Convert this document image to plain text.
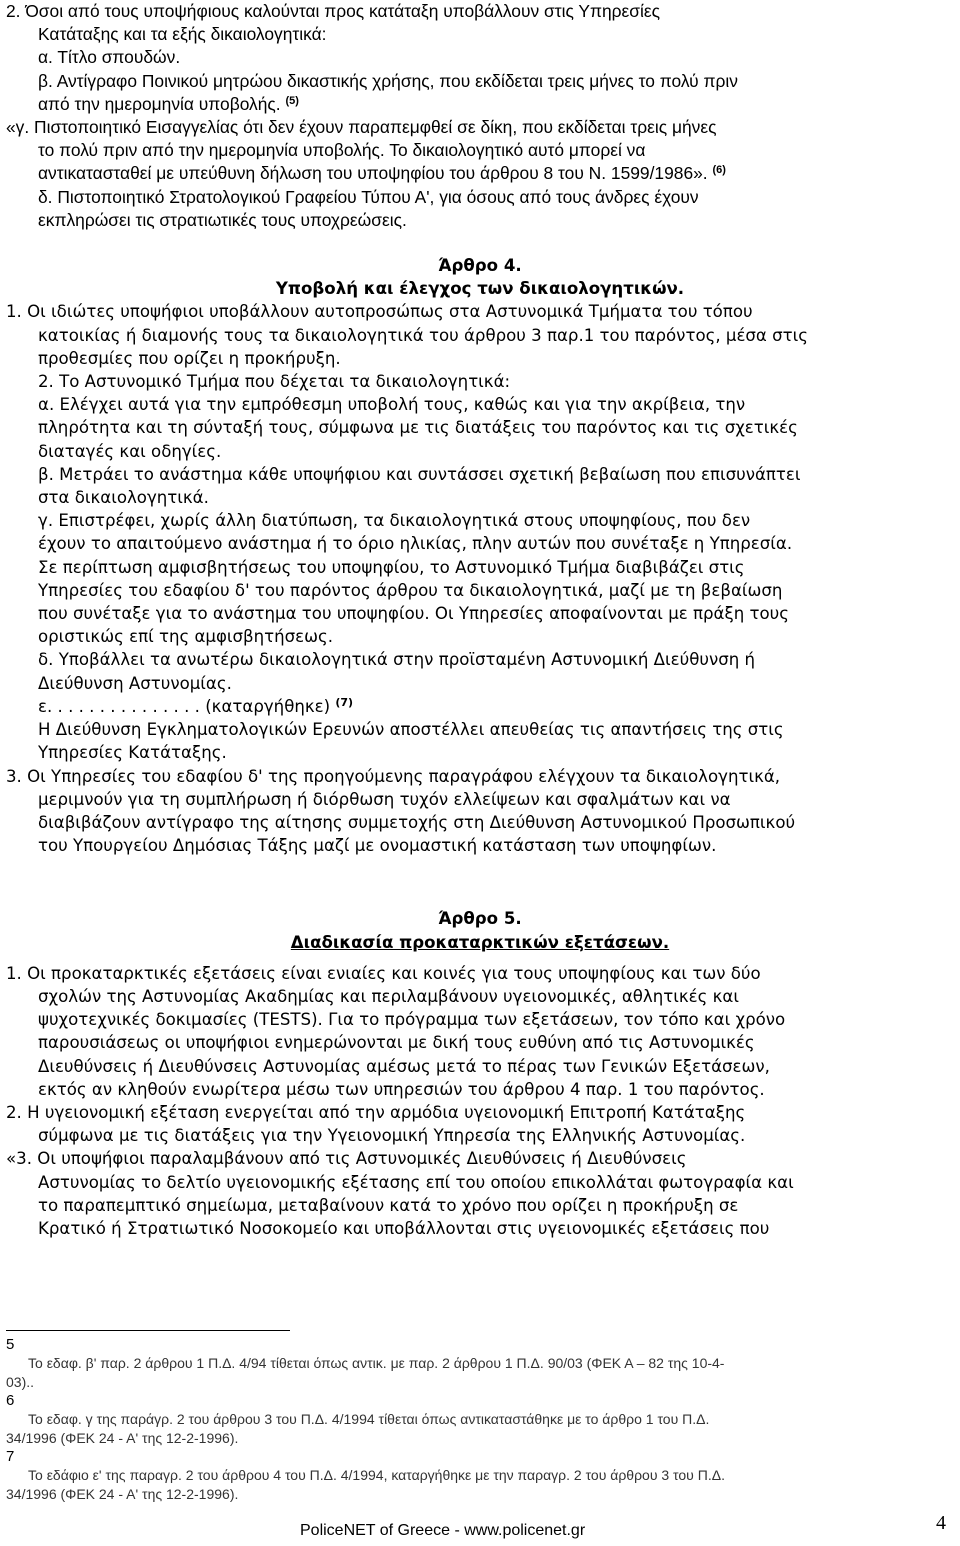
2. Όσοι από τους υποψήφιους καλούνται προς κατάταξη υποβάλλουν στις Υπηρεσίες
Κατάταξης και τα εξής δικαιολογητικά:
α. Τίτλο σπουδών.
β. Αντίγραφο Ποινικού μητρώου δικαστικής χρήσης, που εκδίδεται τρεις μήνες το πολύ πριν
από την ημερομηνία υποβολής. $^{(5)}$
«γ. Πιστοποιητικό Εισαγγελίας ότι δεν έχουν παραπεμφθεί σε δίκη, που εκδίδεται τρεις μήνες
το πολύ πριν από την ημερομηνία υποβολής. Το δικαιολογητικό αυτό μπορεί να
αντικατασταθεί με υπεύθυνη δήλωση του υποψηφίου του άρθρου 8 του Ν. 1599/1986». $^{(6)}$
δ. Πιστοποιητικό Στρατολογικού Γραφείου Τύπου Α', για όσους από τους άνδρες έχουν
εκπληρώσει τις στρατιωτικές τους υποχρεώσεις.
Άρθρο 4.
Υποβολή και έλεγχος των δικαιολογητικών.
1. Οι ιδιώτες υποψήφιοι υποβάλλουν αυτοπροσώπως στα Αστυνομικά Τμήματα του τόπου
κατοικίας ή διαμονής τους τα δικαιολογητικά του άρθρου 3 παρ.1 του παρόντος, μέσα στις
προθεσμίες που ορίζει η προκήρυξη.
2. Το Αστυνομικό Τμήμα που δέχεται τα δικαιολογητικά:
α. Ελέγχει αυτά για την εμπρόθεσμη υποβολή τους, καθώς και για την ακρίβεια, την
πληρότητα και τη σύνταξή τους, σύμφωνα με τις διατάξεις του παρόντος και τις σχετικές
διαταγές και οδηγίες.
β. Μετράει το ανάστημα κάθε υποψήφιου και συντάσσει σχετική βεβαίωση που επισυνάπτει
στα δικαιολογητικά.
γ. Επιστρέφει, χωρίς άλλη διατύπωση, τα δικαιολογητικά στους υποψηφίους, που δεν
έχουν το απαιτούμενο ανάστημα ή το όριο ηλικίας, πλην αυτών που συνέταξε η Υπηρεσία.
Σε περίπτωση αμφισβητήσεως του υποψηφίου, το Αστυνομικό Τμήμα διαβιβάζει στις
Υπηρεσίες του εδαφίου δ' του παρόντος άρθρου τα δικαιολογητικά, μαζί με τη βεβαίωση
που συνέταξε για το ανάστημα του υποψηφίου. Οι Υπηρεσίες αποφαίνονται με πράξη τους
οριστικώς επί της αμφισβητήσεως.
δ. Υποβάλλει τα ανωτέρω δικαιολογητικά στην προϊσταμένη Αστυνομική Διεύθυνση ή
Διεύθυνση Αστυνομίας.
ε. . . . . . . . . . . . . . . (καταργήθηκε) $^{(7)}$
Η Διεύθυνση Εγκληματολογικών Ερευνών αποστέλλει απευθείας τις απαντήσεις της στις
Υπηρεσίες Κατάταξης.
3. Οι Υπηρεσίες του εδαφίου δ' της προηγούμενης παραγράφου ελέγχουν τα δικαιολογητικά,
μεριμνούν για τη συμπλήρωση ή διόρθωση τυχόν ελλείψεων και σφαλμάτων και να
διαβιβάζουν αντίγραφο της αίτησης συμμετοχής στη Διεύθυνση Αστυνομικού Προσωπικού
του Υπουργείου Δημόσιας Τάξης μαζί με ονομαστική κατάσταση των υποψηφίων.
Άρθρο 5.
Διαδικασία προκαταρκτικών εξετάσεων.
1. Οι προκαταρκτικές εξετάσεις είναι ενιαίες και κοινές για τους υποψηφίους και των δύο
σχολών της Αστυνομίας Ακαδημίας και περιλαμβάνουν υγειονομικές, αθλητικές και
ψυχοτεχνικές δοκιμασίες (TESTS). Για το πρόγραμμα των εξετάσεων, τον τόπο και χρόνο
παρουσιάσεως οι υποψήφιοι ενημερώνονται με δική τους ευθύνη από τις Αστυνομικές
Διευθύνσεις ή Διευθύνσεις Αστυνομίας αμέσως μετά το πέρας των Γενικών Εξετάσεων,
εκτός αν κληθούν ενωρίτερα μέσω των υπηρεσιών του άρθρου 4 παρ. 1 του παρόντος.
2. Η υγειονομική εξέταση ενεργείται από την αρμόδια υγειονομική Επιτροπή Κατάταξης
σύμφωνα με τις διατάξεις για την Υγειονομική Υπηρεσία της Ελληνικής Αστυνομίας.
«3. Οι υποψήφιοι παραλαμβάνουν από τις Αστυνομικές Διευθύνσεις ή Διευθύνσεις
Αστυνομίας το δελτίο υγειονομικής εξέτασης επί του οποίου επικολλάται φωτογραφία και
το παραπεμπτικό σημείωμα, μεταβαίνουν κατά το χρόνο που ορίζει η προκήρυξη σε
Κρατικό ή Στρατιωτικό Νοσοκομείο και υποβάλλονται στις υγειονομικές εξετάσεις που
5
Το εδαφ. β' παρ. 2 άρθρου 1 Π.Δ. 4/94 τίθεται όπως αντικ. με παρ. 2 άρθρου 1 Π.Δ. 90/03 (ΦΕΚ Α – 82 της 10-4-
03)..
6
Το εδαφ. γ της παράγρ. 2 του άρθρου 3 του Π.Δ. 4/1994 τίθεται όπως αντικαταστάθηκε με το άρθρο 1 του Π.Δ.
34/1996 (ΦΕΚ 24 - Α' της 12-2-1996).
7
Το εδάφιο ε' της παραγρ. 2 του άρθρου 4 του Π.Δ. 4/1994, καταργήθηκε με την παραγρ. 2 του άρθρου 3 του Π.Δ.
34/1996 (ΦΕΚ 24 - Α' της 12-2-1996).
PoliceNET of Greece - www.policenet.gr	4
